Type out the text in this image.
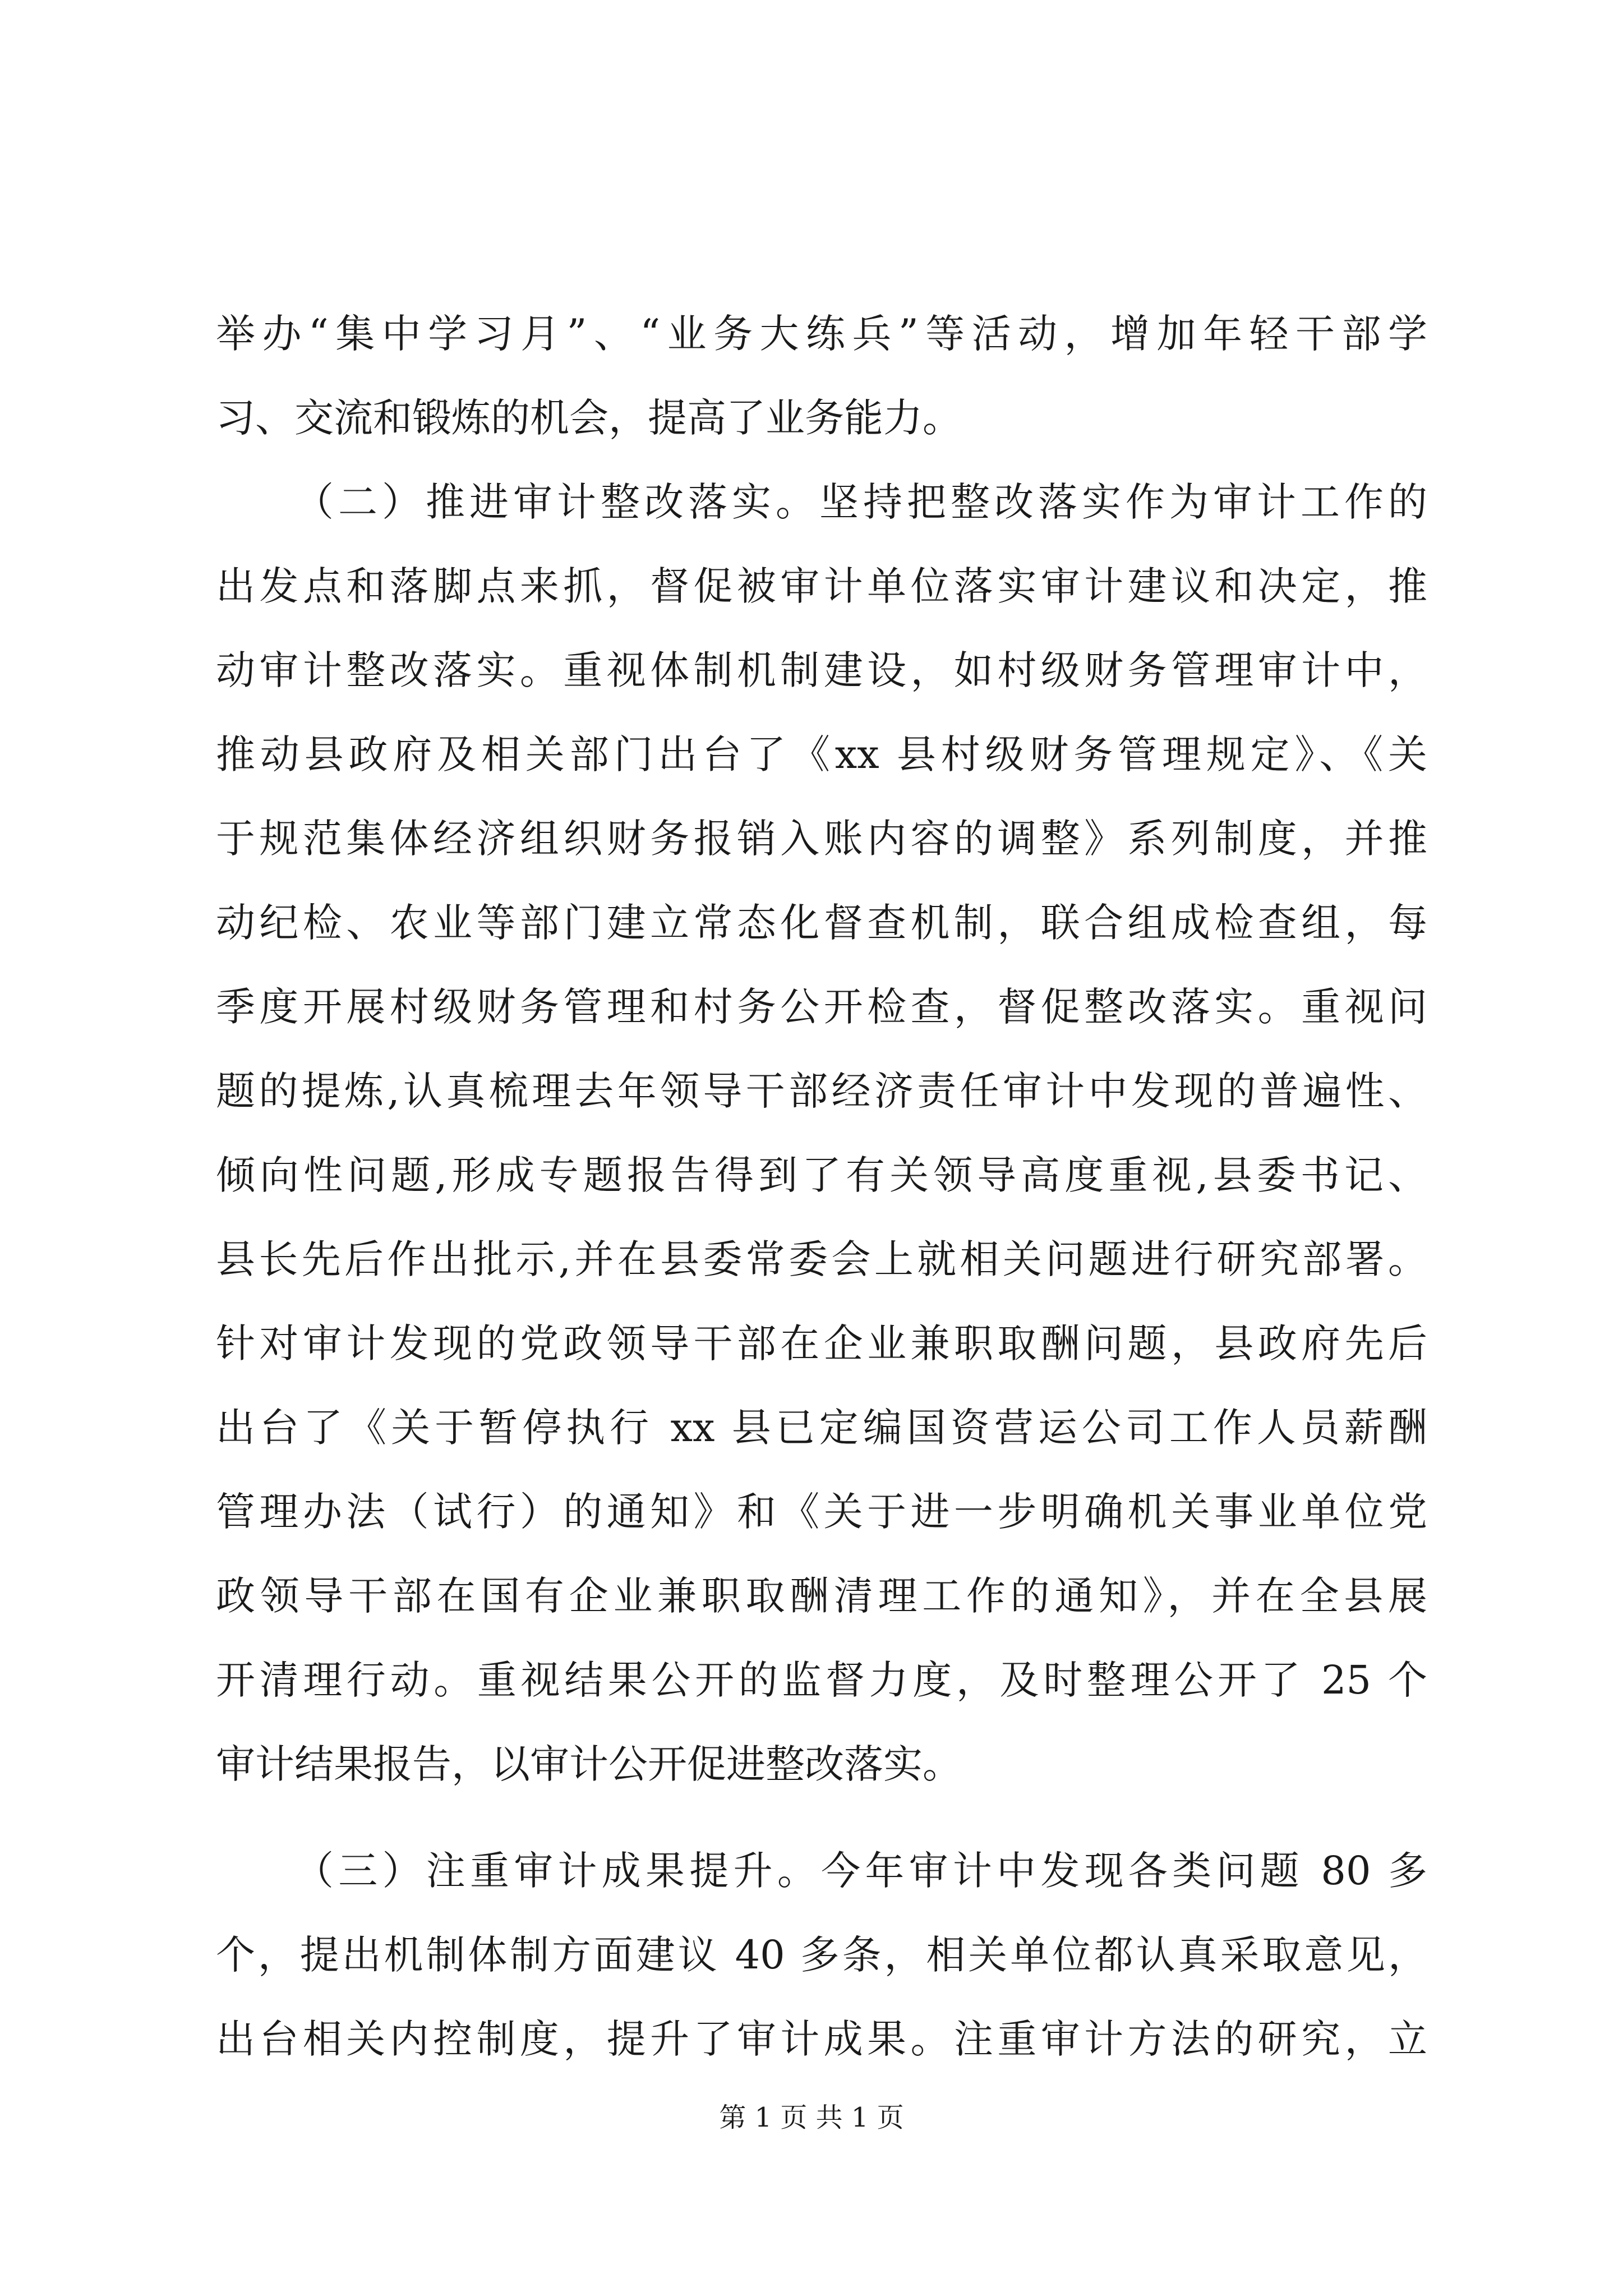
举办“集中学习月”、“业务大练兵”等活动，增加年轻干部学
习、交流和锻炼的机会，提高了业务能力。
（二）推进审计整改落实。坚持把整改落实作为审计工作的
出发点和落脚点来抓，督促被审计单位落实审计建议和决定，推
动审计整改落实。重视体制机制建设，如村级财务管理审计中，
推动县政府及相关部门出台了《xx 县村级财务管理规定》、《关
于规范集体经济组织财务报销入账内容的调整》系列制度，并推
动纪检、农业等部门建立常态化督查机制，联合组成检查组，每
季度开展村级财务管理和村务公开检查，督促整改落实。重视问
题的提炼,认真梳理去年领导干部经济责任审计中发现的普遍性、
倾向性问题,形成专题报告得到了有关领导高度重视,县委书记、
县长先后作出批示,并在县委常委会上就相关问题进行研究部署。
针对审计发现的党政领导干部在企业兼职取酬问题，县政府先后
出台了《关于暂停执行 xx 县已定编国资营运公司工作人员薪酬
管理办法（试行）的通知》和《关于进一步明确机关事业单位党
政领导干部在国有企业兼职取酬清理工作的通知》，并在全县展
开清理行动。重视结果公开的监督力度，及时整理公开了 25 个
审计结果报告，以审计公开促进整改落实。
（三）注重审计成果提升。今年审计中发现各类问题 80 多
个，提出机制体制方面建议 40 多条，相关单位都认真采取意见，
出台相关内控制度，提升了审计成果。注重审计方法的研究，立
第 1 页 共 1 页
